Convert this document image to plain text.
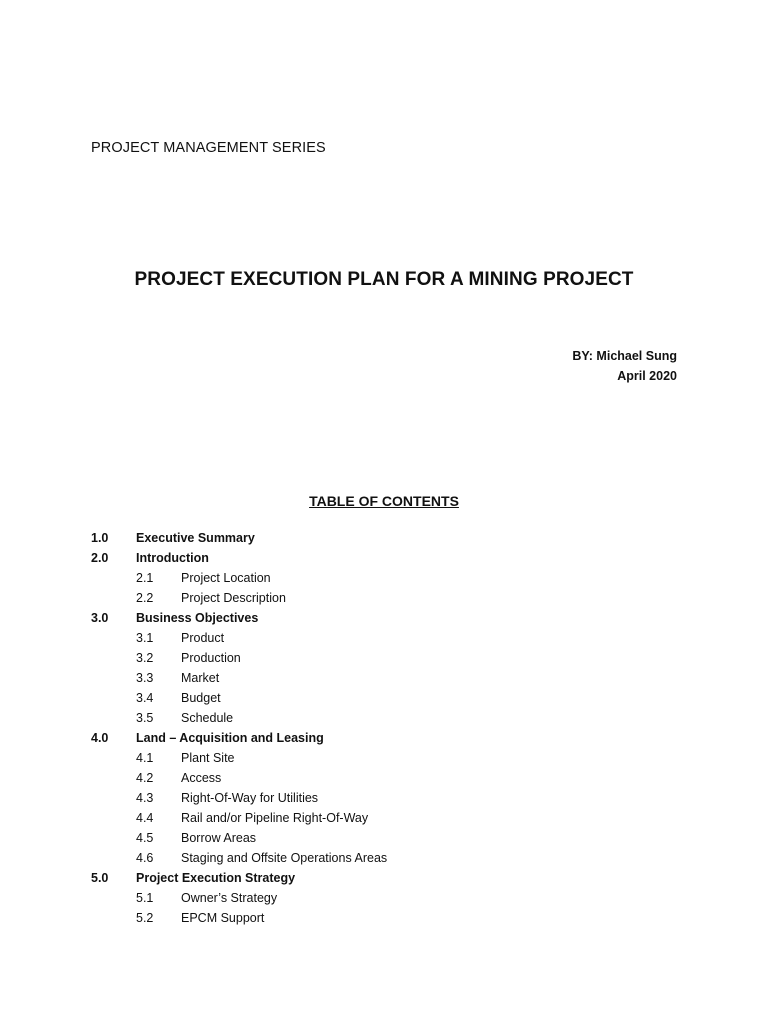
PROJECT MANAGEMENT SERIES
PROJECT EXECUTION PLAN FOR A MINING PROJECT
BY: Michael Sung
April 2020
TABLE OF CONTENTS
1.0 Executive Summary
2.0 Introduction
2.1 Project Location
2.2 Project Description
3.0 Business Objectives
3.1 Product
3.2 Production
3.3 Market
3.4 Budget
3.5 Schedule
4.0 Land – Acquisition and Leasing
4.1 Plant Site
4.2 Access
4.3 Right-Of-Way for Utilities
4.4 Rail and/or Pipeline Right-Of-Way
4.5 Borrow Areas
4.6 Staging and Offsite Operations Areas
5.0 Project Execution Strategy
5.1 Owner’s Strategy
5.2 EPCM Support
